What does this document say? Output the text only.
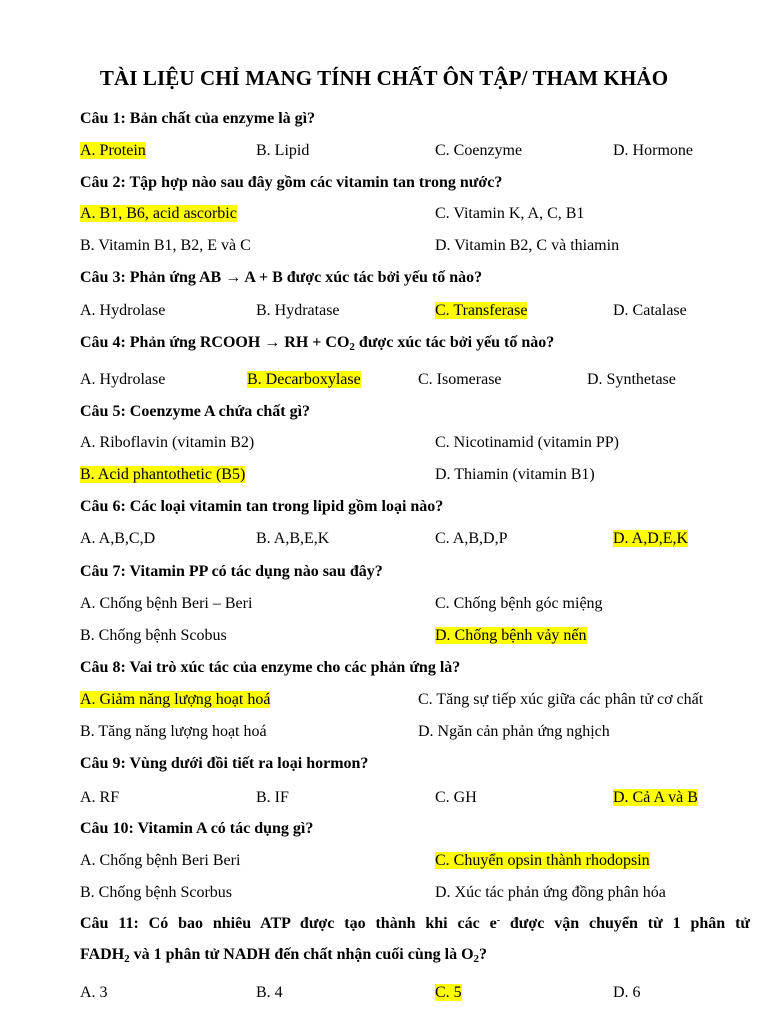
TÀI LIỆU CHỈ MANG TÍNH CHẤT ÔN TẬP/ THAM KHẢO
Câu 1: Bản chất của enzyme là gì?
A. Protein	B. Lipid	C. Coenzyme	D. Hormone
Câu 2: Tập hợp nào sau đây gồm các vitamin tan trong nước?
A. B1, B6, acid ascorbic	C. Vitamin K, A, C, B1
B. Vitamin B1, B2, E và C	D. Vitamin B2, C và thiamin
Câu 3: Phản ứng AB → A + B được xúc tác bởi yếu tố nào?
A. Hydrolase	B. Hydratase	C. Transferase	D. Catalase
Câu 4: Phản ứng RCOOH → RH + $CO_2$ được xúc tác bởi yếu tố nào?
A. Hydrolase	B. Decarboxylase	C. Isomerase	D. Synthetase
Câu 5: Coenzyme A chứa chất gì?
A. Riboflavin (vitamin B2)	C. Nicotinamid (vitamin PP)
B. Acid phantothetic (B5)	D. Thiamin (vitamin B1)
Câu 6: Các loại vitamin tan trong lipid gồm loại nào?
A. A,B,C,D	B. A,B,E,K	C. A,B,D,P	D. A,D,E,K
Câu 7: Vitamin PP có tác dụng nào sau đây?
A. Chống bệnh Beri – Beri	C. Chống bệnh góc miệng
B. Chống bệnh Scobus	D. Chống bệnh vảy nến
Câu 8: Vai trò xúc tác của enzyme cho các phản ứng là?
A. Giảm năng lượng hoạt hoá	C. Tăng sự tiếp xúc giữa các phân tử cơ chất
B. Tăng năng lượng hoạt hoá	D. Ngăn cản phản ứng nghịch
Câu 9: Vùng dưới đồi tiết ra loại hormon?
A. RF	B. IF	C. GH	D. Cả A và B
Câu 10: Vitamin A có tác dụng gì?
A. Chống bệnh Beri Beri	C. Chuyển opsin thành rhodopsin
B. Chống bệnh Scorbus	D. Xúc tác phản ứng đồng phân hóa
Câu 11: Có bao nhiêu ATP được tạo thành khi các e- được vận chuyển từ 1 phân tử
$FADH_2$ và 1 phân tử NADH đến chất nhận cuối cùng là $O_2$?
A. 3	B. 4	C. 5	D. 6
